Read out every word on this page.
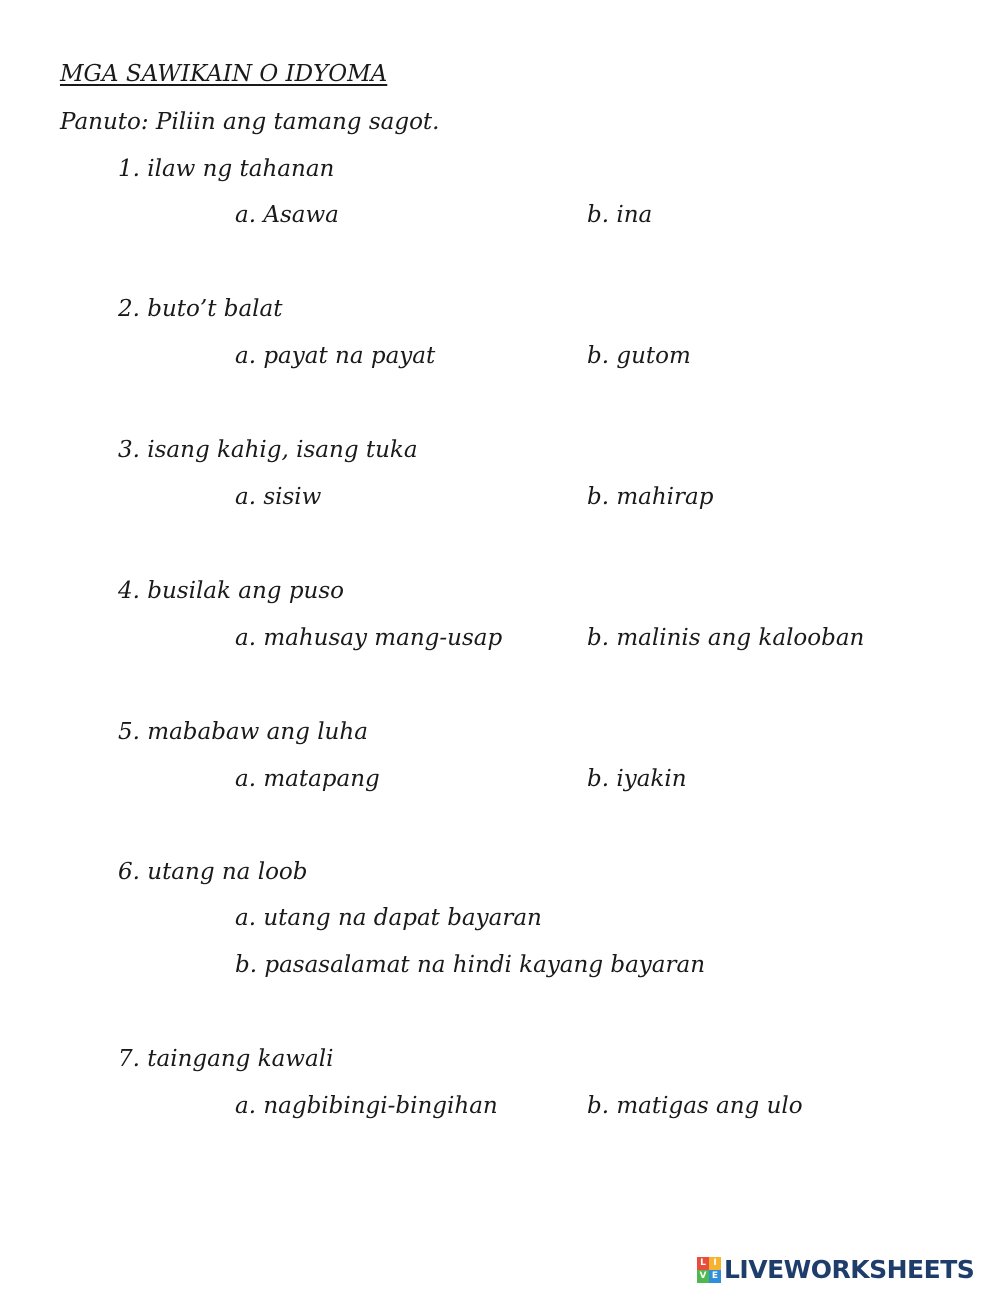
MGA SAWIKAIN O IDYOMA
Panuto: Piliin ang tamang sagot.
1. ilaw ng tahanan
a. Asawa	b. ina
2. buto’t balat
a. payat na payat	b. gutom
3. isang kahig, isang tuka
a. sisiw	b. mahirap
4. busilak ang puso
a. mahusay mang-usap	b. malinis ang kalooban
5. mababaw ang luha
a. matapang	b. iyakin
6. utang na loob
a. utang na dapat bayaran
b. pasasalamat na hindi kayang bayaran
7. taingang kawali
a. nagbibingi-bingihan	b. matigas ang ulo
L I
V E LIVEWORKSHEETS
